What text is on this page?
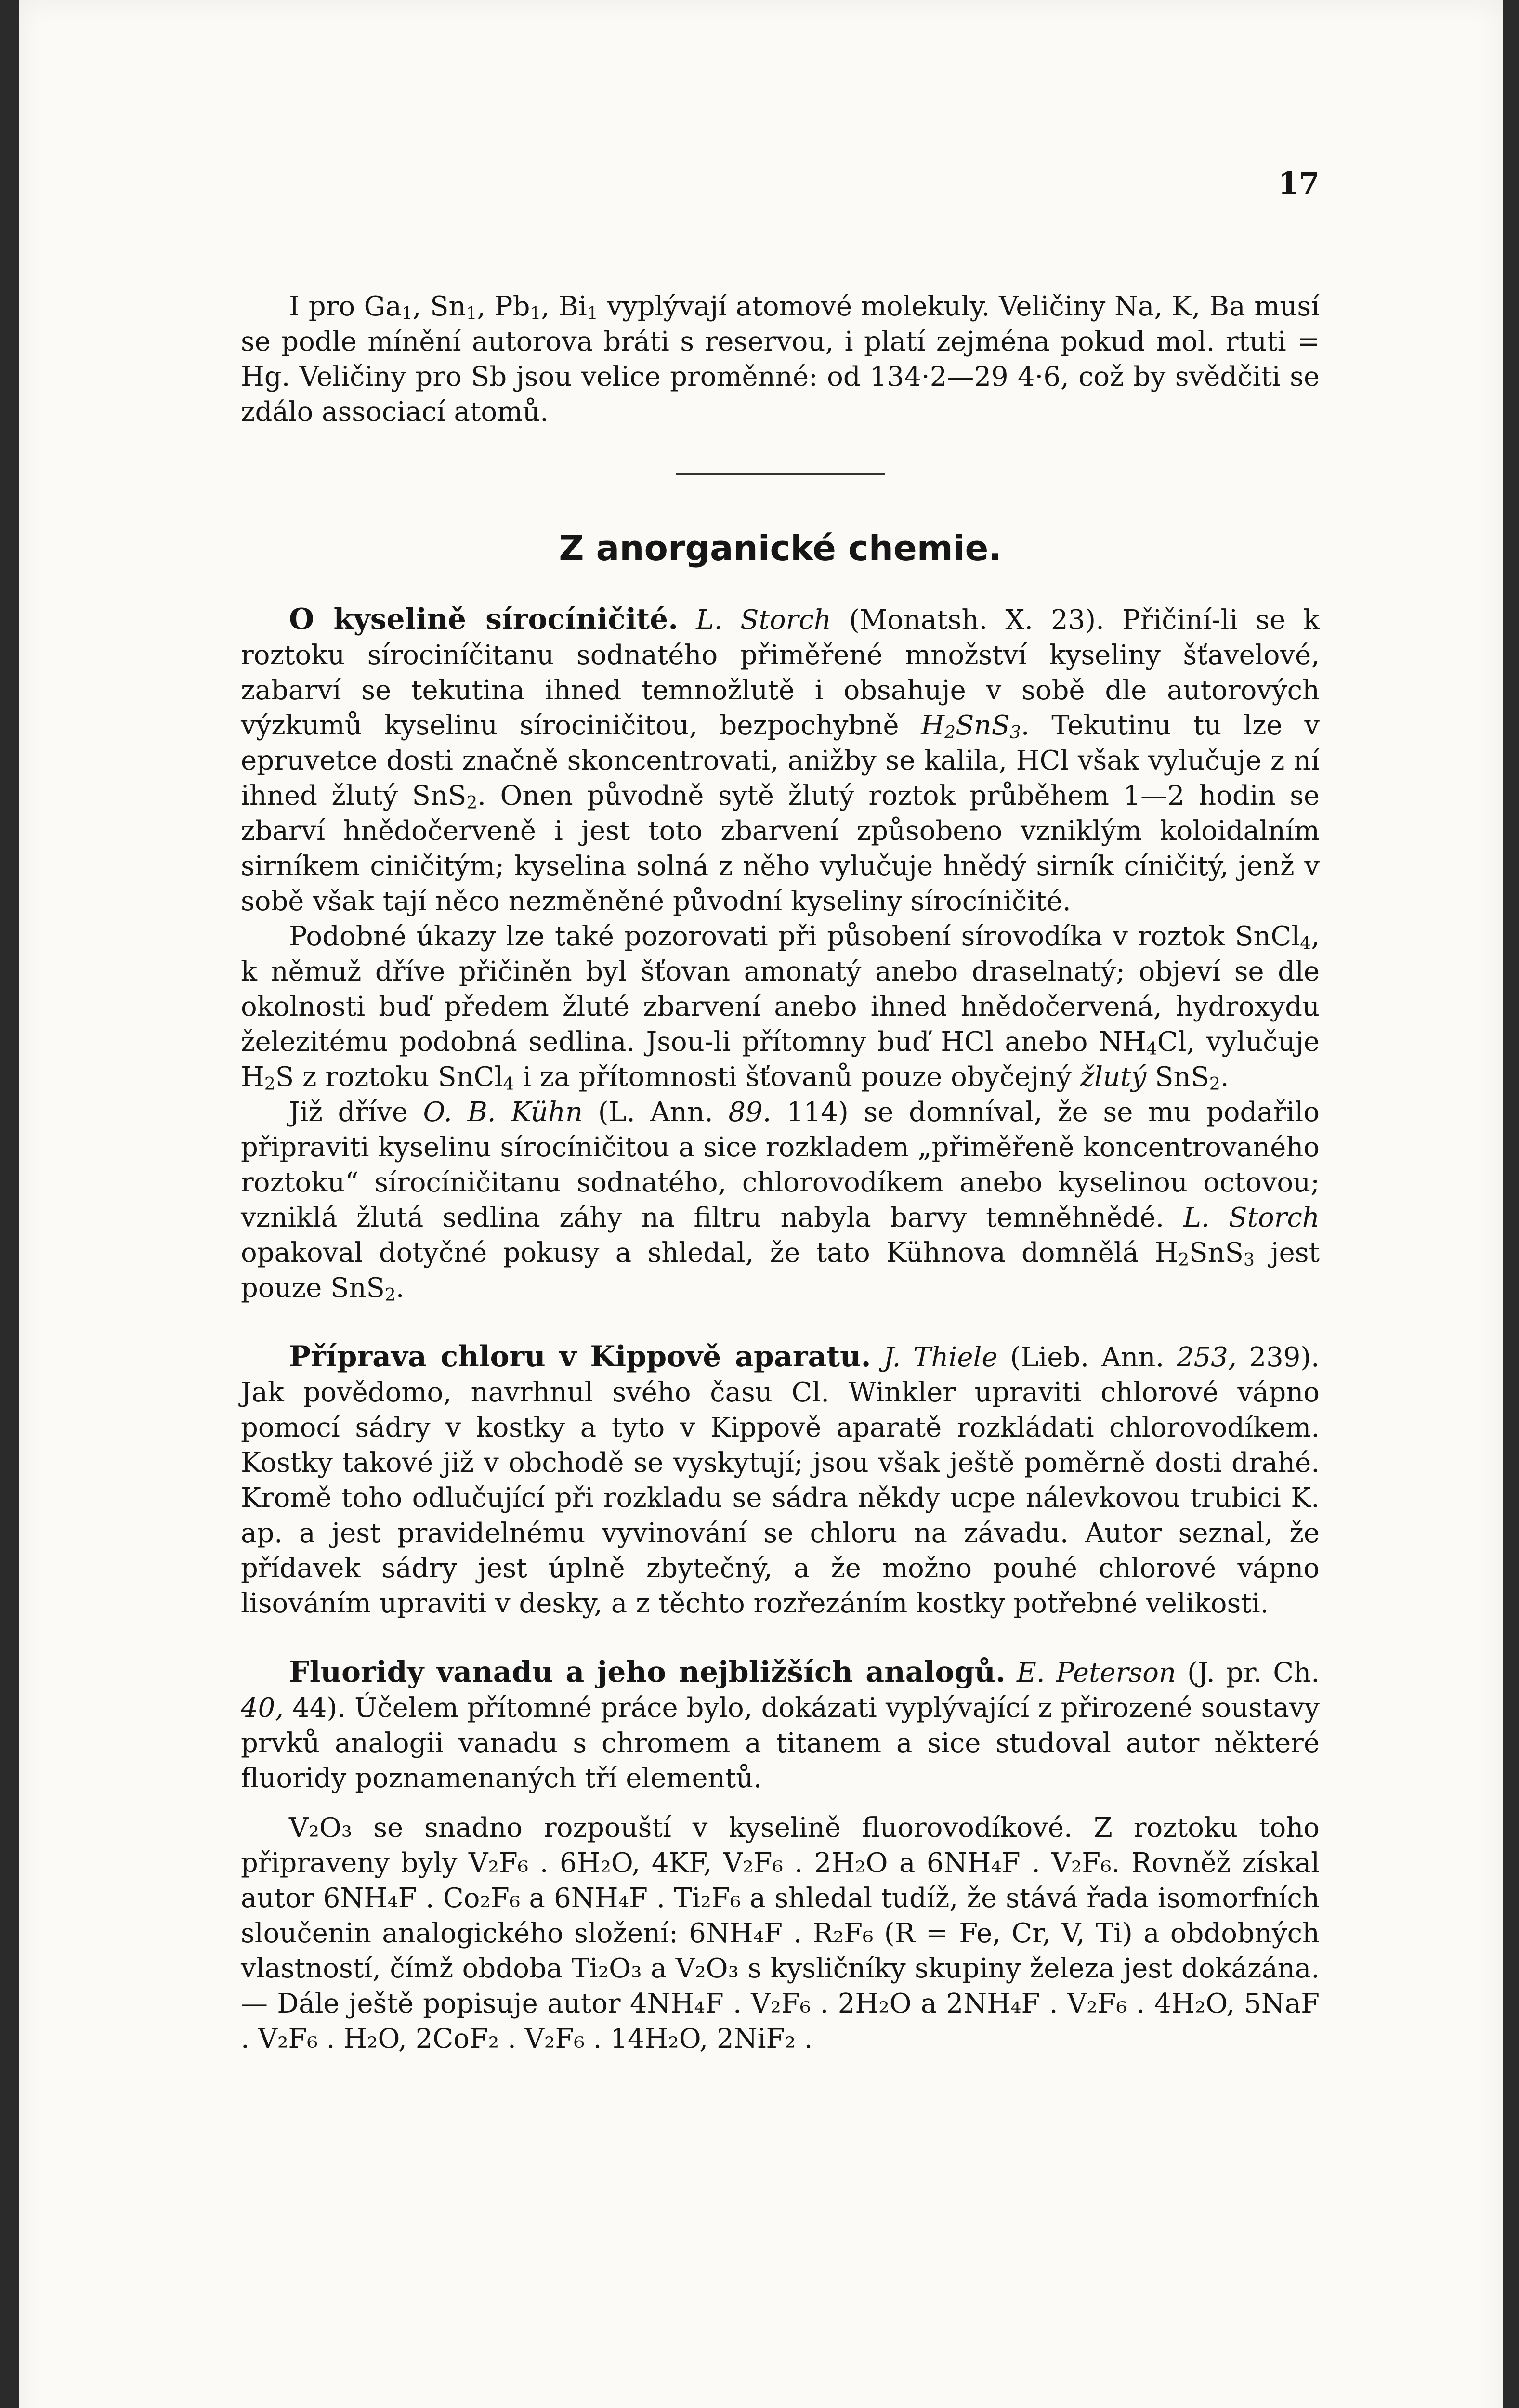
17

I pro $Ga_1$, $Sn_1$, $Pb_1$, $Bi_1$ vyplývají atomové molekuly. Veličiny Na, K, Ba musí se podle mínění autorova bráti s reservou, i platí zejména pokud mol. rtuti = Hg. Veličiny pro Sb jsou velice proměnné: od 134·2—29 4·6, což by svědčiti se zdálo associací atomů.

Z anorganické chemie.

O kyselině sírocíničité. L. Storch (Monatsh. X. 23). Přičiní-li se k roztoku sírociníčitanu sodnatého přiměřené množství kyseliny šťavelové, zabarví se tekutina ihned temnožlutě i obsahuje v sobě dle autorových výzkumů kyselinu sírociničitou, bezpochybně $H_2SnS_3$. Tekutinu tu lze v epruvetce dosti značně skoncentrovati, anižby se kalila, HCl však vylučuje z ní ihned žlutý SnS$_2$. Onen původně sytě žlutý roztok průběhem 1—2 hodin se zbarví hnědočerveně i jest toto zbarvení způsobeno vzniklým koloidalním sirníkem ciničitým; kyselina solná z něho vylučuje hnědý sirník cíničitý, jenž v sobě však tají něco nezměněné původní kyseliny sírocíničité.

Podobné úkazy lze také pozorovati při působení sírovodíka v roztok SnCl$_4$, k němuž dříve přičiněn byl šťovan amonatý anebo draselnatý; objeví se dle okolnosti buď předem žluté zbarvení anebo ihned hnědočervená, hydroxydu železitému podobná sedlina. Jsou-li přítomny buď HCl anebo $NH_4Cl$, vylučuje $H_2S$ z roztoku SnCl$_4$ i za přítomnosti šťovanů pouze obyčejný žlutý SnS$_2$.

Již dříve O. B. Kühn (L. Ann. 89. 114) se domníval, že se mu podařilo připraviti kyselinu sírocíničitou a sice rozkladem „přiměřeně koncentrovaného roztoku“ sírocíničitanu sodnatého, chlorovodíkem anebo kyselinou octovou; vzniklá žlutá sedlina záhy na filtru nabyla barvy temněhnědé. L. Storch opakoval dotyčné pokusy a shledal, že tato Kühnova domnělá $H_2SnS_3$ jest pouze SnS$_2$.

Příprava chloru v Kippově aparatu. J. Thiele (Lieb. Ann. 253, 239). Jak povědomo, navrhnul svého času Cl. Winkler upraviti chlorové vápno pomocí sádry v kostky a tyto v Kippově aparatě rozkládati chlorovodíkem. Kostky takové již v obchodě se vyskytují; jsou však ještě poměrně dosti drahé. Kromě toho odlučující při rozkladu se sádra někdy ucpe nálevkovou trubici K. ap. a jest pravidelnému vyvinování se chloru na závadu. Autor seznal, že přídavek sádry jest úplně zbytečný, a že možno pouhé chlorové vápno lisováním upraviti v desky, a z těchto rozřezáním kostky potřebné velikosti.

Fluoridy vanadu a jeho nejbližších analogů. E. Peterson (J. pr. Ch. 40, 44). Účelem přítomné práce bylo, dokázati vyplývající z přirozené soustavy prvků analogii vanadu s chromem a titanem a sice studoval autor některé fluoridy poznamenaných tří elementů.

V₂O₃ se snadno rozpouští v kyselině fluorovodíkové. Z roztoku toho připraveny byly V₂F₆ . 6H₂O, 4KF, V₂F₆ . 2H₂O a 6NH₄F . V₂F₆. Rovněž získal autor 6NH₄F . Co₂F₆ a 6NH₄F . Ti₂F₆ a shledal tudíž, že stává řada isomorfních sloučenin analogického složení: 6NH₄F . R₂F₆ (R = Fe, Cr, V, Ti) a obdobných vlastností, čímž obdoba Ti₂O₃ a V₂O₃ s kysličníky skupiny železa jest dokázána. — Dále ještě popisuje autor 4NH₄F . V₂F₆ . 2H₂O a 2NH₄F . V₂F₆ . 4H₂O, 5NaF . V₂F₆ . H₂O, 2CoF₂ . V₂F₆ . 14H₂O, 2NiF₂ .
